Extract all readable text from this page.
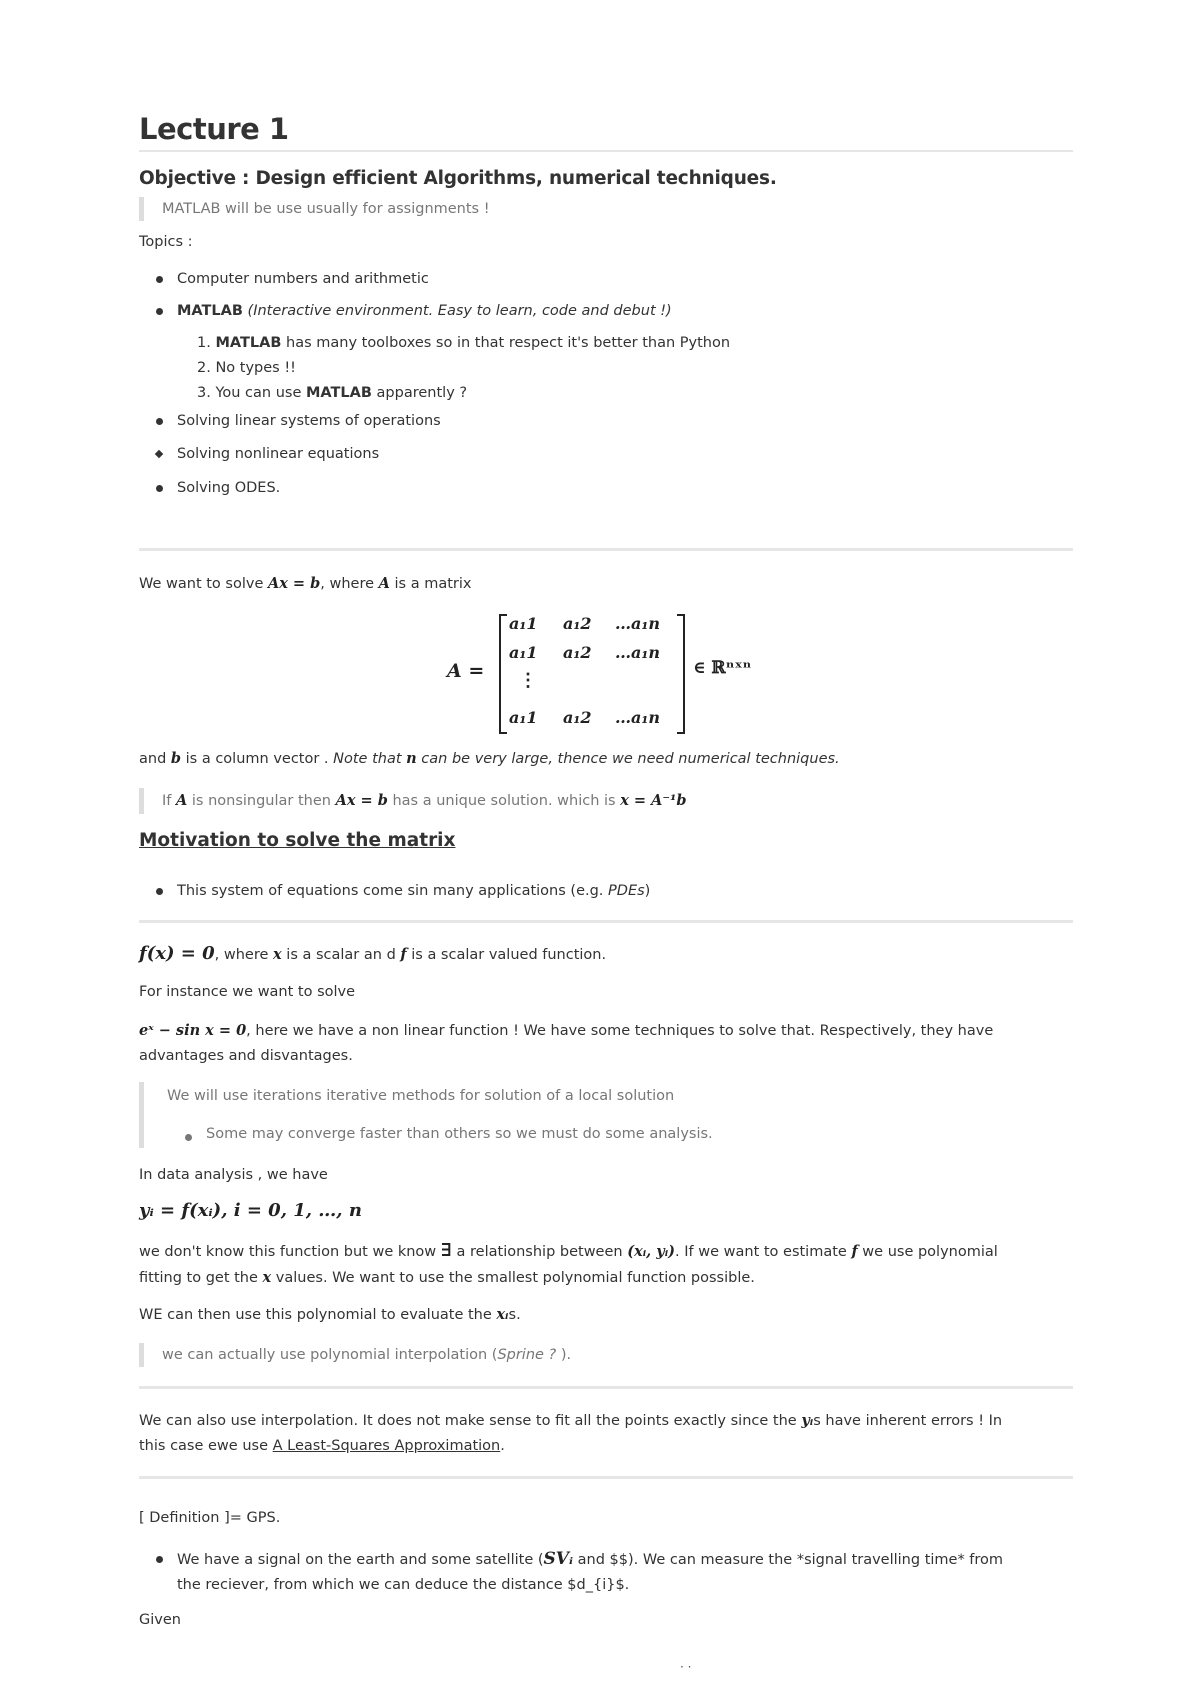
Lecture 1
Objective : Design efficient Algorithms, numerical techniques.
MATLAB will be use usually for assignments !
Topics :
Computer numbers and arithmetic
MATLAB (Interactive environment. Easy to learn, code and debut !)
1. MATLAB has many toolboxes so in that respect it's better than Python
2. No types !!
3. You can use MATLAB apparently ?
Solving linear systems of operations
Solving nonlinear equations
Solving ODES.
We want to solve Ax = b, where A is a matrix
A =
a₁1 a₁2 …a₁n
a₁1 a₁2 …a₁n
⋮
a₁1 a₁2 …a₁n
∈ ℝⁿˣⁿ
and b is a column vector . Note that n can be very large, thence we need numerical techniques.
If A is nonsingular then Ax = b has a unique solution. which is x = A⁻¹b
Motivation to solve the matrix
This system of equations come sin many applications (e.g. PDEs)
f(x) = 0, where x is a scalar an d f is a scalar valued function.
For instance we want to solve
eˣ − sin x = 0, here we have a non linear function ! We have some techniques to solve that. Respectively, they have
advantages and disvantages.
We will use iterations iterative methods for solution of a local solution
Some may converge faster than others so we must do some analysis.
In data analysis , we have
yᵢ = f(xᵢ), i = 0, 1, …, n
we don't know this function but we know ∃ a relationship between (xᵢ, yᵢ). If we want to estimate f we use polynomial
fitting to get the x values. We want to use the smallest polynomial function possible.
WE can then use this polynomial to evaluate the xᵢs.
we can actually use polynomial interpolation (Sprine ? ).
We can also use interpolation. It does not make sense to fit all the points exactly since the yᵢs have inherent errors ! In
this case ewe use A Least-Squares Approximation.
[ Definition ]= GPS.
We have a signal on the earth and some satellite (SVᵢ and $$). We can measure the *signal travelling time* from
the reciever, from which we can deduce the distance $d_{i}$.
Given
· ·
